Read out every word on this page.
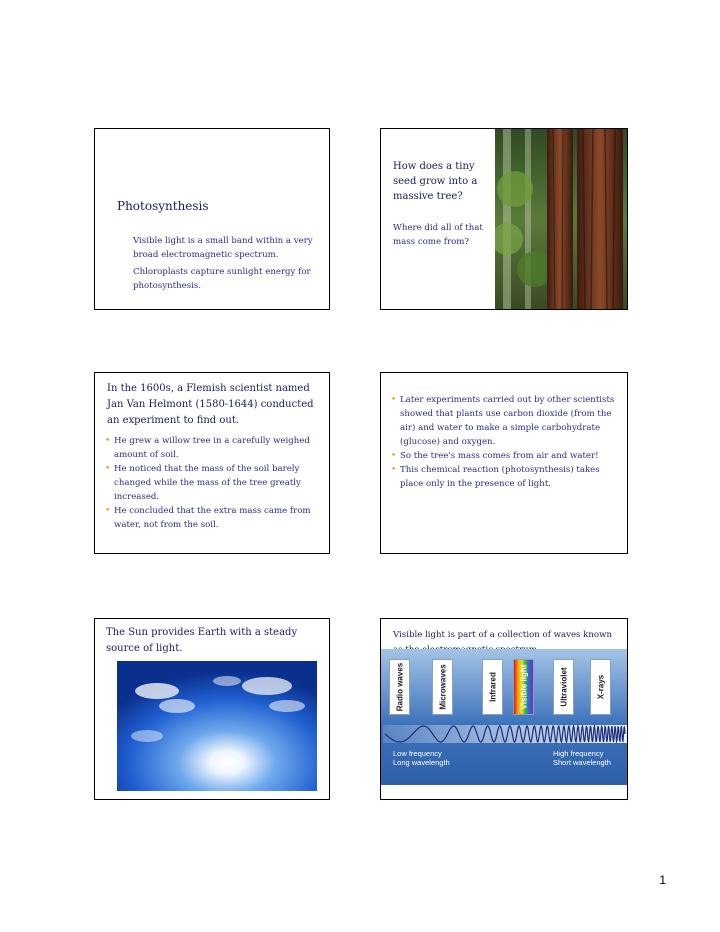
Photosynthesis
Visible light is a small band within a very broad electromagnetic spectrum.
Chloroplasts capture sunlight energy for photosynthesis.
How does a tiny seed grow into a massive tree?
Where did all of that mass come from?
In the 1600s, a Flemish scientist named Jan Van Helmont (1580-1644) conducted an experiment to find out.
• He grew a willow tree in a carefully weighed amount of soil.
• He noticed that the mass of the soil barely changed while the mass of the tree greatly increased.
• He concluded that the extra mass came from water, not from the soil.
• Later experiments carried out by other scientists showed that plants use carbon dioxide (from the air) and water to make a simple carbohydrate (glucose) and oxygen.
• So the tree's mass comes from air and water!
• This chemical reaction (photosynthesis) takes place only in the presence of light.
The Sun provides Earth with a steady source of light.
Visible light is part of a collection of waves known
Radio waves	Microwaves	Infrared	Visible light	Ultraviolet	X-rays
Low frequency
Long wavelength
High frequency
Short wavelength
1
